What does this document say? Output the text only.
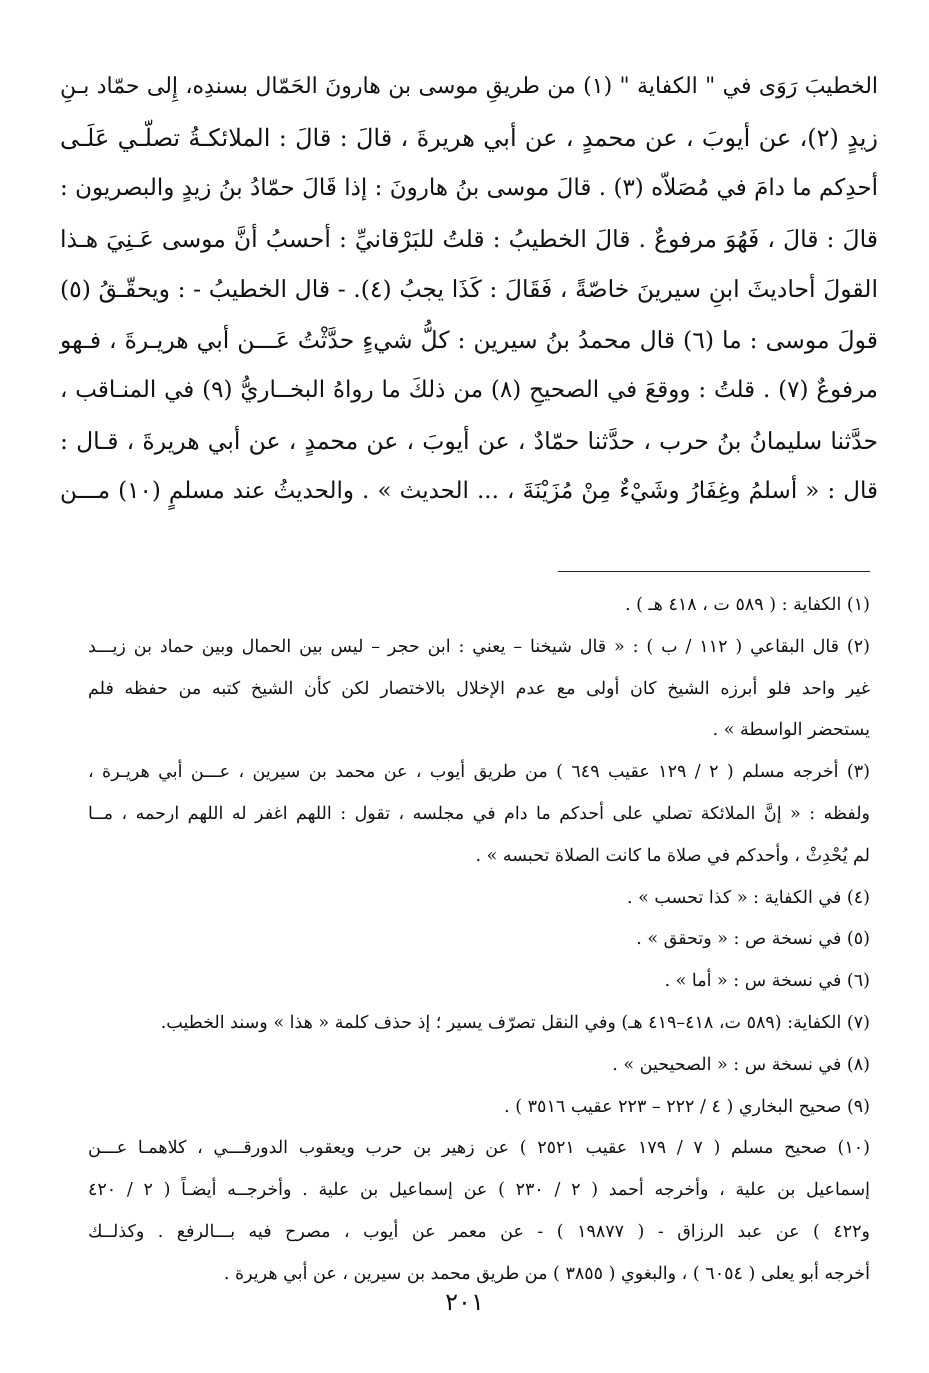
الخطيبَ رَوَى في " الكفاية " (١) من طريقِ موسى بن هارونَ الحَمّال بسندِه، إِلى حمّاد بـنِ

زيدٍ (٢)، عن أيوبَ ، عن محمدٍ ، عن أبي هريرةَ ، قالَ : قالَ : الملائكـةُ تصلّـي عَلَـى

أحدِكم ما دامَ في مُصَلاّه (٣) . قالَ موسى بنُ هارونَ : إذا قَالَ حمّادُ بنُ زيدٍ والبصريون :

قالَ : قالَ ، فَهُوَ مرفوعٌ . قالَ الخطيبُ : قلتُ للبَرْقانيِّ : أحسبُ أنَّ موسى عَـنِيَ هـذا

القولَ أحاديثَ ابنِ سيرينَ خاصّةً ، فَقَالَ : كَذَا يجبُ (٤). - قال الخطيبُ - : ويحقّـقُ (٥)

قولَ موسى : ما (٦) قال محمدُ بنُ سيرين : كلُّ شيءٍ حدَّثْتُ عَـــن أبي هريـرةَ ، فـهو

مرفوعٌ (٧) . قلتُ : ووقعَ في الصحيحِ (٨) من ذلكَ ما رواهُ البخــاريُّ (٩) في المنـاقب ،

حدَّثنا سليمانُ بنُ حرب ، حدَّثنا حمّادٌ ، عن أيوبَ ، عن محمدٍ ، عن أبي هريرةَ ، قـال :

قال : « أسلمُ وغِفَارُ وشَيْءٌ مِنْ مُزَيْنَةَ ، ... الحديث » . والحديثُ عند مسلمٍ (١٠) مـــن

(١) الكفاية : ( ٥٨٩ ت ، ٤١٨ هـ ) .

(٢) قال البقاعي ( ١١٢ / ب ) : « قال شيخنا – يعني : ابن حجر – ليس بين الحمال وبين حماد بن زيـــد

غير واحد فلو أبرزه الشيخ كان أولى مع عدم الإخلال بالاختصار لكن كأن الشيخ كتبه من حفظه فلم

يستحضر الواسطة » .

(٣) أخرجه مسلم ( ٢ / ١٢٩ عقيب ٦٤٩ ) من طريق أيوب ، عن محمد بن سيرين ، عـــن أبي هريـرة ،

ولفظه : « إنَّ الملائكة تصلي على أحدكم ما دام في مجلسه ، تقول : اللهم اغفر له اللهم ارحمه ، مــا

لم يُحْدِثْ ، وأحدكم في صلاة ما كانت الصلاة تحبسه » .

(٤) في الكفاية : « كذا تحسب » .

(٥) في نسخة ص : « وتحقق » .

(٦) في نسخة س : « أما » .

(٧) الكفاية: (٥٨٩ ت، ٤١٨–٤١٩ هـ) وفي النقل تصرّف يسير ؛ إذ حذف كلمة « هذا » وسند الخطيب.

(٨) في نسخة س : « الصحيحين » .

(٩) صحيح البخاري ( ٤ / ٢٢٢ – ٢٢٣ عقيب ٣٥١٦ ) .

(١٠) صحيح مسلم ( ٧ / ١٧٩ عقيب ٢٥٢١ ) عن زهير بن حرب ويعقوب الدورقـــي ، كلاهمـا عـــن

إسماعيل بن علية ، وأخرجه أحمد ( ٢ / ٢٣٠ ) عن إسماعيل بن علية . وأخرجــه أيضـاً ( ٢ / ٤٢٠

و٤٢٢ ) عن عبد الرزاق - ( ١٩٨٧٧ ) - عن معمر عن أيوب ، مصرح فيه بـــالرفع . وكذلــك

أخرجه أبو يعلى ( ٦٠٥٤ ) ، والبغوي ( ٣٨٥٥ ) من طريق محمد بن سيرين ، عن أبي هريرة .

٢٠١
